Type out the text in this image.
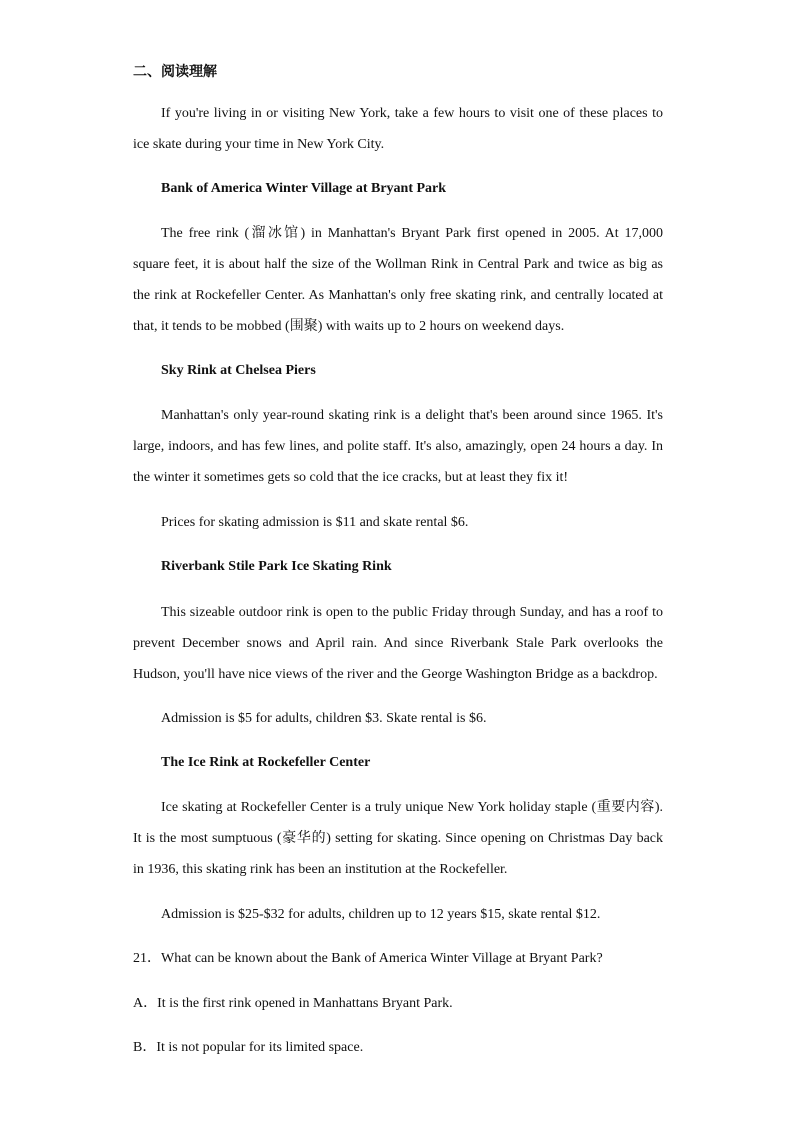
二、阅读理解

If you're living in or visiting New York, take a few hours to visit one of these places to ice skate during your time in New York City.

Bank of America Winter Village at Bryant Park

The free rink (溜冰馆) in Manhattan's Bryant Park first opened in 2005. At 17,000 square feet, it is about half the size of the Wollman Rink in Central Park and twice as big as the rink at Rockefeller Center. As Manhattan's only free skating rink, and centrally located at that, it tends to be mobbed (围聚) with waits up to 2 hours on weekend days.

Sky Rink at Chelsea Piers

Manhattan's only year-round skating rink is a delight that's been around since 1965. It's large, indoors, and has few lines, and polite staff. It's also, amazingly, open 24 hours a day. In the winter it sometimes gets so cold that the ice cracks, but at least they fix it!

Prices for skating admission is $11 and skate rental $6.
Riverbank Stile Park Ice Skating Rink

This sizeable outdoor rink is open to the public Friday through Sunday, and has a roof to prevent December snows and April rain. And since Riverbank Stale Park overlooks the Hudson, you'll have nice views of the river and the George Washington Bridge as a backdrop.

Admission is $5 for adults, children $3. Skate rental is $6.
The Ice Rink at Rockefeller Center

Ice skating at Rockefeller Center is a truly unique New York holiday staple (重要内容). It is the most sumptuous (豪华的) setting for skating. Since opening on Christmas Day back in 1936, this skating rink has been an institution at the Rockefeller.

Admission is $25-$32 for adults, children up to 12 years $15, skate rental $12.
21．What can be known about the Bank of America Winter Village at Bryant Park?
A．It is the first rink opened in Manhattans Bryant Park.
B．It is not popular for its limited space.
